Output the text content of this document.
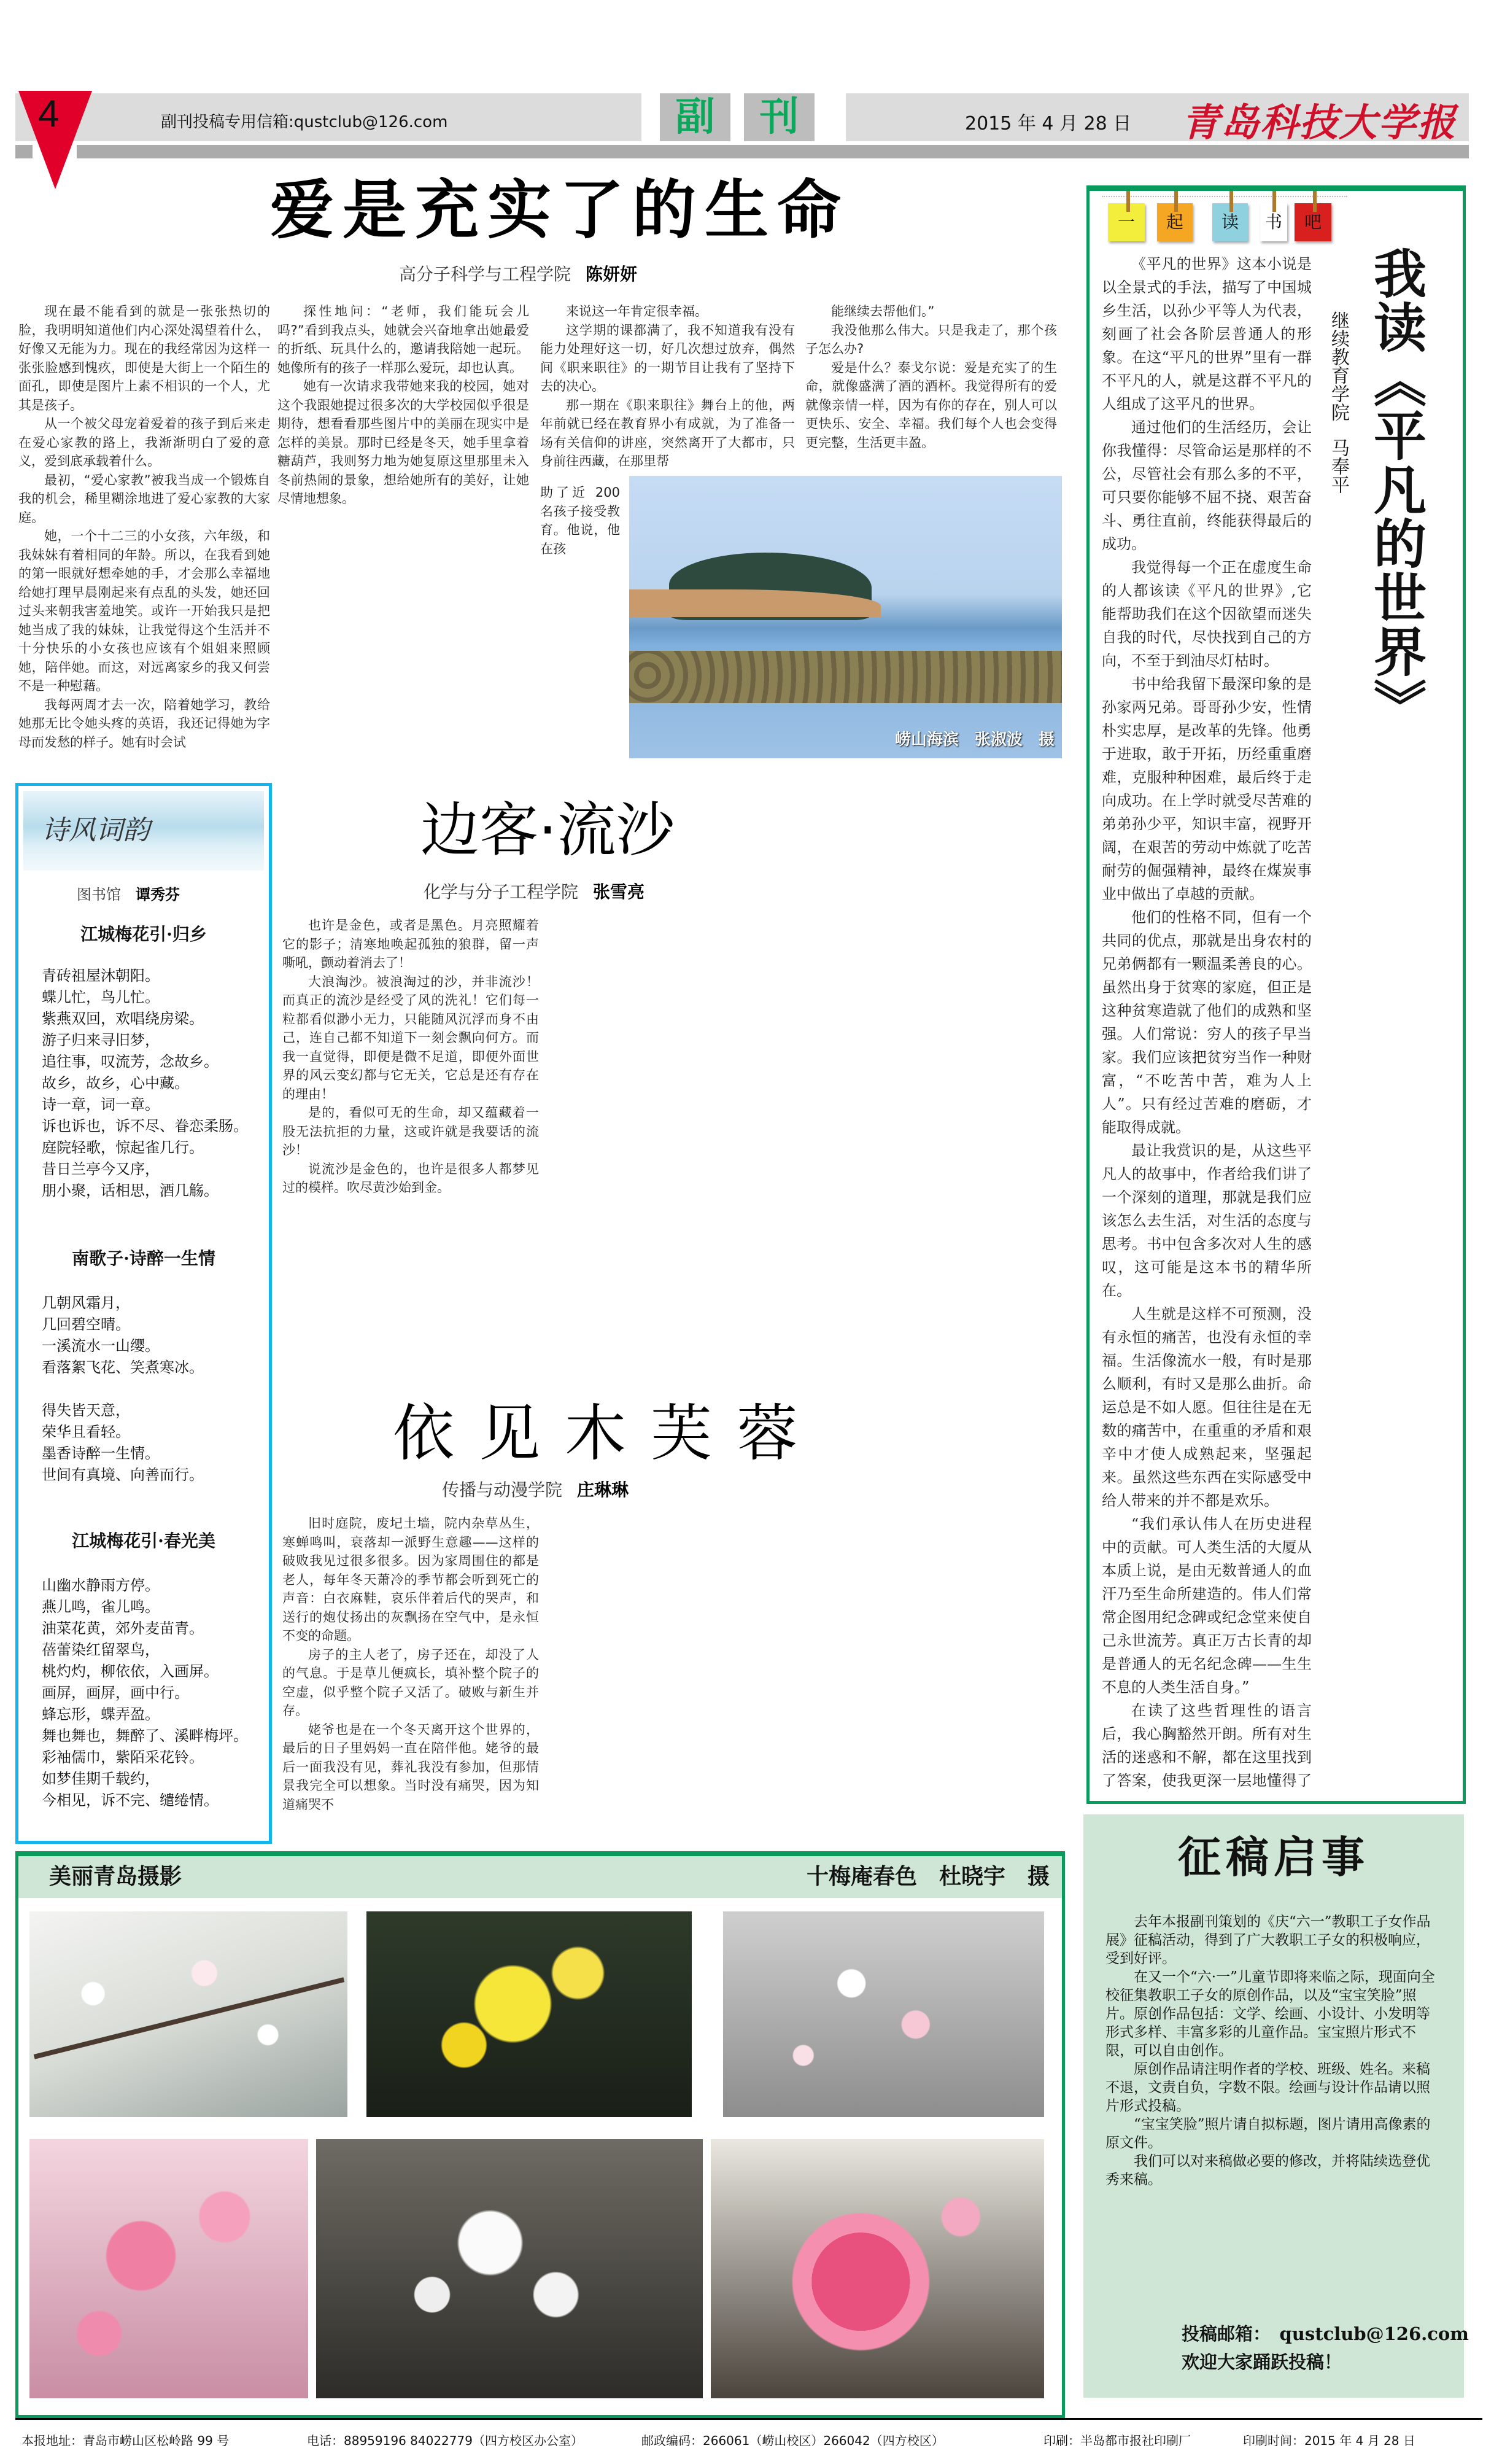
4	副刊投稿专用信箱:qustclub@126.com	副	刊	2015 年 4 月 28 日 青岛科技大学报
爱是充实了的生命
高分子科学与工程学院 陈妍妍

现在最不能看到的就是一张张热切的脸，我明明知道他们内心深处渴望着什么，好像又无能为力。现在的我经常因为这样一张张脸感到愧疚，即使是大街上一个陌生的面孔，即使是图片上素不相识的一个人，尤其是孩子。

从一个被父母宠着爱着的孩子到后来走在爱心家教的路上，我渐渐明白了爱的意义，爱到底承载着什么。

最初，“爱心家教”被我当成一个锻炼自我的机会，稀里糊涂地进了爱心家教的大家庭。

她，一个十二三的小女孩，六年级，和我妹妹有着相同的年龄。所以，在我看到她的第一眼就好想牵她的手，才会那么幸福地给她打理早晨刚起来有点乱的头发，她还回过头来朝我害羞地笑。或许一开始我只是把她当成了我的妹妹，让我觉得这个生活并不十分快乐的小女孩也应该有个姐姐来照顾她，陪伴她。而这，对远离家乡的我又何尝不是一种慰藉。

我每两周才去一次，陪着她学习，教给她那无比令她头疼的英语，我还记得她为字母而发愁的样子。她有时会试

探性地问：“老师，我们能玩会儿吗?”看到我点头，她就会兴奋地拿出她最爱的折纸、玩具什么的，邀请我陪她一起玩。她像所有的孩子一样那么爱玩，却也认真。

她有一次请求我带她来我的校园，她对这个我跟她提过很多次的大学校园似乎很是期待，想看看那些图片中的美丽在现实中是怎样的美景。那时已经是冬天，她手里拿着糖葫芦，我则努力地为她复原这里那里未入冬前热闹的景象，想给她所有的美好，让她尽情地想象。

来说这一年肯定很幸福。

这学期的课都满了，我不知道我有没有能力处理好这一切，好几次想过放弃，偶然间《职来职往》的一期节目让我有了坚持下去的决心。

那一期在《职来职往》舞台上的他，两年前就已经在教育界小有成就，为了准备一场有关信仰的讲座，突然离开了大都市，只身前往西藏，在那里帮

助了近 200 名孩子接受教育。他说，他在孩

能继续去帮他们。”

我没他那么伟大。只是我走了，那个孩子怎么办?

爱是什么？泰戈尔说：爱是充实了的生命，就像盛满了酒的酒杯。我觉得所有的爱就像亲情一样，因为有你的存在，别人可以更快乐、安全、幸福。我们每个人也会变得更完整，生活更丰盈。

崂山海滨　张淑波　摄
诗风词韵
图书馆 谭秀芬
江城梅花引·归乡
青砖祖屋沐朝阳。
蝶儿忙，鸟儿忙。
紫燕双回，欢唱绕房梁。
游子归来寻旧梦，
追往事，叹流芳，念故乡。
故乡，故乡，心中藏。
诗一章，词一章。
诉也诉也，诉不尽、眷恋柔肠。
庭院轻歌，惊起雀几行。
昔日兰亭今又序，
朋小聚，话相思，酒几觞。
南歌子·诗醉一生情
几朝风霜月，
几回碧空晴。
一溪流水一山缨。
看落絮飞花、笑煮寒冰。
得失皆天意，
荣华且看轻。
墨香诗醉一生情。
世间有真境、向善而行。
江城梅花引·春光美
山幽水静雨方停。
燕儿鸣，雀儿鸣。
油菜花黄，郊外麦苗青。
蓓蕾染红留翠鸟，
桃灼灼，柳依依，入画屏。
画屏，画屏，画中行。
蜂忘形，蝶弄盈。
舞也舞也，舞醉了、溪畔梅坪。
彩袖儒巾，紫陌采花铃。
如梦佳期千载约，
今相见，诉不完、缱绻情。
边客·流沙
化学与分子工程学院 张雪亮

也许是金色，或者是黑色。月亮照耀着它的影子；清寒地唤起孤独的狼群，留一声嘶吼，颤动着消去了！

大浪淘沙。被浪淘过的沙，并非流沙！而真正的流沙是经受了风的洗礼！它们每一粒都看似渺小无力，只能随风沉浮而身不由己，连自己都不知道下一刻会飘向何方。而我一直觉得，即便是微不足道，即便外面世界的风云变幻都与它无关，它总是还有存在的理由！

是的，看似可无的生命，却又蕴藏着一股无法抗拒的力量，这或许就是我要话的流沙！

说流沙是金色的，也许是很多人都梦见过的模样。吹尽黄沙始到金。

依见木芙蓉
传播与动漫学院 庄琳琳

旧时庭院，废圮土墙，院内杂草丛生，寒蝉鸣叫，衰落却一派野生意趣——这样的破败我见过很多很多。因为家周围住的都是老人，每年冬天萧冷的季节都会听到死亡的声音：白衣麻鞋，哀乐伴着后代的哭声，和送行的炮仗扬出的灰飘扬在空气中，是永恒不变的命题。

房子的主人老了，房子还在，却没了人的气息。于是草儿便疯长，填补整个院子的空虚，似乎整个院子又活了。破败与新生并存。

姥爷也是在一个冬天离开这个世界的，最后的日子里妈妈一直在陪伴他。姥爷的最后一面我没有见，葬礼我没有参加，但那情景我完全可以想象。当时没有痛哭，因为知道痛哭不

一	起	读	书	吧

《平凡的世界》这本小说是以全景式的手法，描写了中国城乡生活，以孙少平等人为代表，刻画了社会各阶层普通人的形象。在这“平凡的世界”里有一群不平凡的人，就是这群不平凡的人组成了这平凡的世界。

通过他们的生活经历，会让你我懂得：尽管命运是那样的不公，尽管社会有那么多的不平，可只要你能够不屈不挠、艰苦奋斗、勇往直前，终能获得最后的成功。

我觉得每一个正在虚度生命的人都该读《平凡的世界》,它能帮助我们在这个因欲望而迷失自我的时代，尽快找到自己的方向，不至于到油尽灯枯时。

书中给我留下最深印象的是孙家两兄弟。哥哥孙少安，性情朴实忠厚，是改革的先锋。他勇于进取，敢于开拓，历经重重磨难，克服种种困难，最后终于走向成功。在上学时就受尽苦难的弟弟孙少平，知识丰富，视野开阔，在艰苦的劳动中炼就了吃苦耐劳的倔强精神，最终在煤炭事业中做出了卓越的贡献。

他们的性格不同，但有一个共同的优点，那就是出身农村的兄弟俩都有一颗温柔善良的心。虽然出身于贫寒的家庭，但正是这种贫寒造就了他们的成熟和坚强。人们常说：穷人的孩子早当家。我们应该把贫穷当作一种财富，“不吃苦中苦，难为人上人”。只有经过苦难的磨砺，才能取得成就。

最让我赏识的是，从这些平凡人的故事中，作者给我们讲了一个深刻的道理，那就是我们应该怎么去生活，对生活的态度与思考。书中包含多次对人生的感叹，这可能是这本书的精华所在。

人生就是这样不可预测，没有永恒的痛苦，也没有永恒的幸福。生活像流水一般，有时是那么顺利，有时又是那么曲折。命运总是不如人愿。但往往是在无数的痛苦中，在重重的矛盾和艰辛中才使人成熟起来，坚强起来。虽然这些东西在实际感受中给人带来的并不都是欢乐。

“我们承认伟人在历史进程中的贡献。可人类生活的大厦从本质上说，是由无数普通人的血汗乃至生命所建造的。伟人们常常企图用纪念碑或纪念堂来使自己永世流芳。真正万古长青的却是普通人的无名纪念碑——生生不息的人类生活自身。”

在读了这些哲理性的语言后，我心胸豁然开朗。所有对生活的迷惑和不解，都在这里找到了答案，使我更深一层地懂得了

我读《平凡的世界》
继续教育学院马奉平
征稿启事

去年本报副刊策划的《庆“六一”教职工子女作品展》征稿活动，得到了广大教职工子女的积极响应，受到好评。

在又一个“六·一”儿童节即将来临之际，现面向全校征集教职工子女的原创作品，以及“宝宝笑脸”照片。原创作品包括：文学、绘画、小设计、小发明等形式多样、丰富多彩的儿童作品。宝宝照片形式不限，可以自由创作。

原创作品请注明作者的学校、班级、姓名。来稿不退，文责自负，字数不限。绘画与设计作品请以照片形式投稿。

“宝宝笑脸”照片请自拟标题，图片请用高像素的原文件。

我们可以对来稿做必要的修改，并将陆续选登优秀来稿。

投稿邮箱：　qustclub@126.com
欢迎大家踊跃投稿！
美丽青岛摄影	十梅庵春色　杜晓宇　摄
本报地址：青岛市崂山区松岭路 99 号	电话：88959196 84022779（四方校区办公室）	邮政编码：266061（崂山校区）266042（四方校区）	印刷：半岛都市报社印刷厂	印刷时间：2015 年 4 月 28 日
